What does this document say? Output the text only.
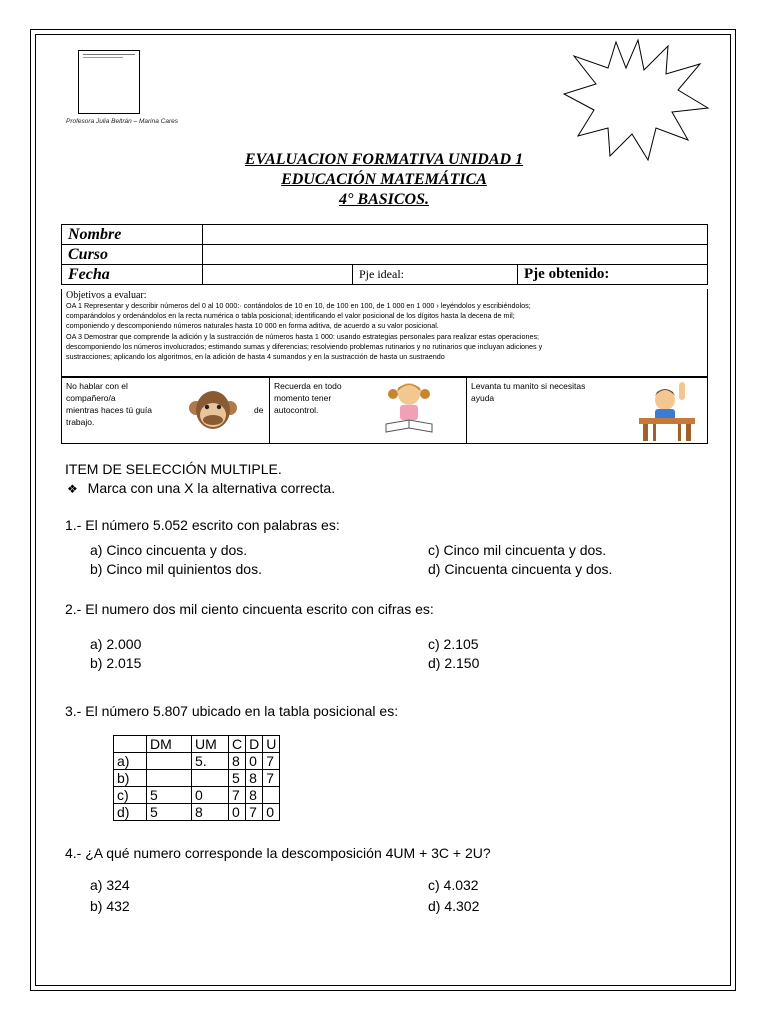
Profesora Julia Beltrán – Marina Cares
EVALUACION FORMATIVA UNIDAD 1
EDUCACIÓN MATEMÁTICA
4° BASICOS.
Nombre			
Curso			
Fecha		Pje ideal:	Pje obtenido:
Objetivos a evaluar:
OA 1 Representar y describir números del 0 al 10 000:· contándolos de 10 en 10, de 100 en 100, de 1 000 en 1 000 › leyéndolos y escribiéndolos;
comparándolos y ordenándolos en la recta numérica o tabla posicional; identificando el valor posicional de los dígitos hasta la decena de mil;
componiendo y descomponiendo números naturales hasta 10 000 en forma aditiva, de acuerdo a su valor posicional.
OA 3 Demostrar que comprende la adición y la sustracción de números hasta 1 000: usando estrategias personales para realizar estas operaciones;
descomponiendo los números involucrados; estimando sumas y diferencias; resolviendo problemas rutinarios y no rutinarios que incluyan adiciones y
sustracciones; aplicando los algoritmos, en la adición de hasta 4 sumandos y en la sustracción de hasta un sustraendo
No hablar con el
compañero/a
mientras haces tú guía
trabajo.
de
Recuerda en todo
momento tener
autocontrol.
Levanta tu manito si necesitas
ayuda
ITEM DE SELECCIÓN MULTIPLE.
❖ Marca con una X la alternativa correcta.
1.- El número 5.052 escrito con palabras es:
a) Cinco cincuenta y dos.
b) Cinco mil quinientos dos.
c) Cinco mil cincuenta y dos.
d) Cincuenta cincuenta y dos.
2.- El numero dos mil ciento cincuenta escrito con cifras es:
a) 2.000
b) 2.015
c) 2.105
d) 2.150
3.- El número 5.807 ubicado en la tabla posicional es:
	DM	UM	C	D	U
a)		5.	8	0	7
b)			5	8	7
c)	5	0	7	8	
d)	5	8	0	7	0
4.- ¿A qué numero corresponde la descomposición 4UM + 3C + 2U?
a) 324
b) 432
c) 4.032
d) 4.302
